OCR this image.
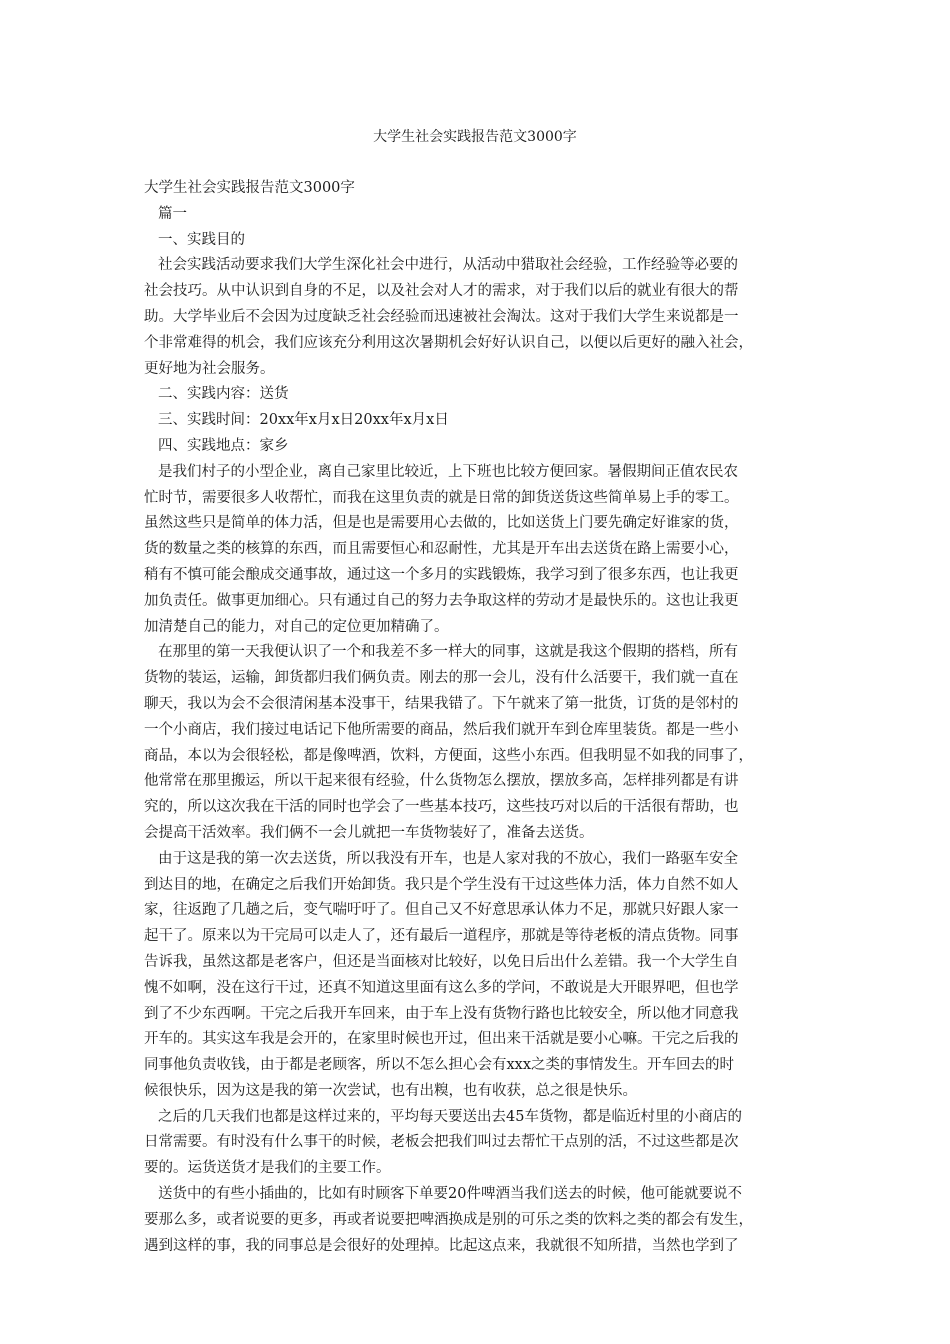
大学生社会实践报告范文3000字

大学生社会实践报告范文3000字

篇一

一、实践目的

社会实践活动要求我们大学生深化社会中进行，从活动中猎取社会经验，工作经验等必要的

社会技巧。从中认识到自身的不足，以及社会对人才的需求，对于我们以后的就业有很大的帮

助。大学毕业后不会因为过度缺乏社会经验而迅速被社会淘汰。这对于我们大学生来说都是一

个非常难得的机会，我们应该充分利用这次暑期机会好好认识自己，以便以后更好的融入社会，

更好地为社会服务。

二、实践内容：送货

三、实践时间：20xx年x月x日20xx年x月x日

四、实践地点：家乡

是我们村子的小型企业，离自己家里比较近，上下班也比较方便回家。暑假期间正值农民农

忙时节，需要很多人收帮忙，而我在这里负责的就是日常的卸货送货这些简单易上手的零工。

虽然这些只是简单的体力活，但是也是需要用心去做的，比如送货上门要先确定好谁家的货，

货的数量之类的核算的东西，而且需要恒心和忍耐性，尤其是开车出去送货在路上需要小心，

稍有不慎可能会酿成交通事故，通过这一个多月的实践锻炼，我学习到了很多东西，也让我更

加负责任。做事更加细心。只有通过自己的努力去争取这样的劳动才是最快乐的。这也让我更

加清楚自己的能力，对自己的定位更加精确了。

在那里的第一天我便认识了一个和我差不多一样大的同事，这就是我这个假期的搭档，所有

货物的装运，运输，卸货都归我们俩负责。刚去的那一会儿，没有什么活要干，我们就一直在

聊天，我以为会不会很清闲基本没事干，结果我错了。下午就来了第一批货，订货的是邻村的

一个小商店，我们接过电话记下他所需要的商品，然后我们就开车到仓库里装货。都是一些小

商品，本以为会很轻松，都是像啤酒，饮料，方便面，这些小东西。但我明显不如我的同事了，

他常常在那里搬运，所以干起来很有经验，什么货物怎么摆放，摆放多高，怎样排列都是有讲

究的，所以这次我在干活的同时也学会了一些基本技巧，这些技巧对以后的干活很有帮助，也

会提高干活效率。我们俩不一会儿就把一车货物装好了，准备去送货。

由于这是我的第一次去送货，所以我没有开车，也是人家对我的不放心，我们一路驱车安全

到达目的地，在确定之后我们开始卸货。我只是个学生没有干过这些体力活，体力自然不如人

家，往返跑了几趟之后，变气喘吁吁了。但自己又不好意思承认体力不足，那就只好跟人家一

起干了。原来以为干完局可以走人了，还有最后一道程序，那就是等待老板的清点货物。同事

告诉我，虽然这都是老客户，但还是当面核对比较好，以免日后出什么差错。我一个大学生自

愧不如啊，没在这行干过，还真不知道这里面有这么多的学问，不敢说是大开眼界吧，但也学

到了不少东西啊。干完之后我开车回来，由于车上没有货物行路也比较安全，所以他才同意我

开车的。其实这车我是会开的，在家里时候也开过，但出来干活就是要小心嘛。干完之后我的

同事他负责收钱，由于都是老顾客，所以不怎么担心会有xxx之类的事情发生。开车回去的时

候很快乐，因为这是我的第一次尝试，也有出糗，也有收获，总之很是快乐。

之后的几天我们也都是这样过来的，平均每天要送出去45车货物，都是临近村里的小商店的

日常需要。有时没有什么事干的时候，老板会把我们叫过去帮忙干点别的活，不过这些都是次

要的。运货送货才是我们的主要工作。

送货中的有些小插曲的，比如有时顾客下单要20件啤酒当我们送去的时候，他可能就要说不

要那么多，或者说要的更多，再或者说要把啤酒换成是别的可乐之类的饮料之类的都会有发生，

遇到这样的事，我的同事总是会很好的处理掉。比起这点来，我就很不知所措，当然也学到了
